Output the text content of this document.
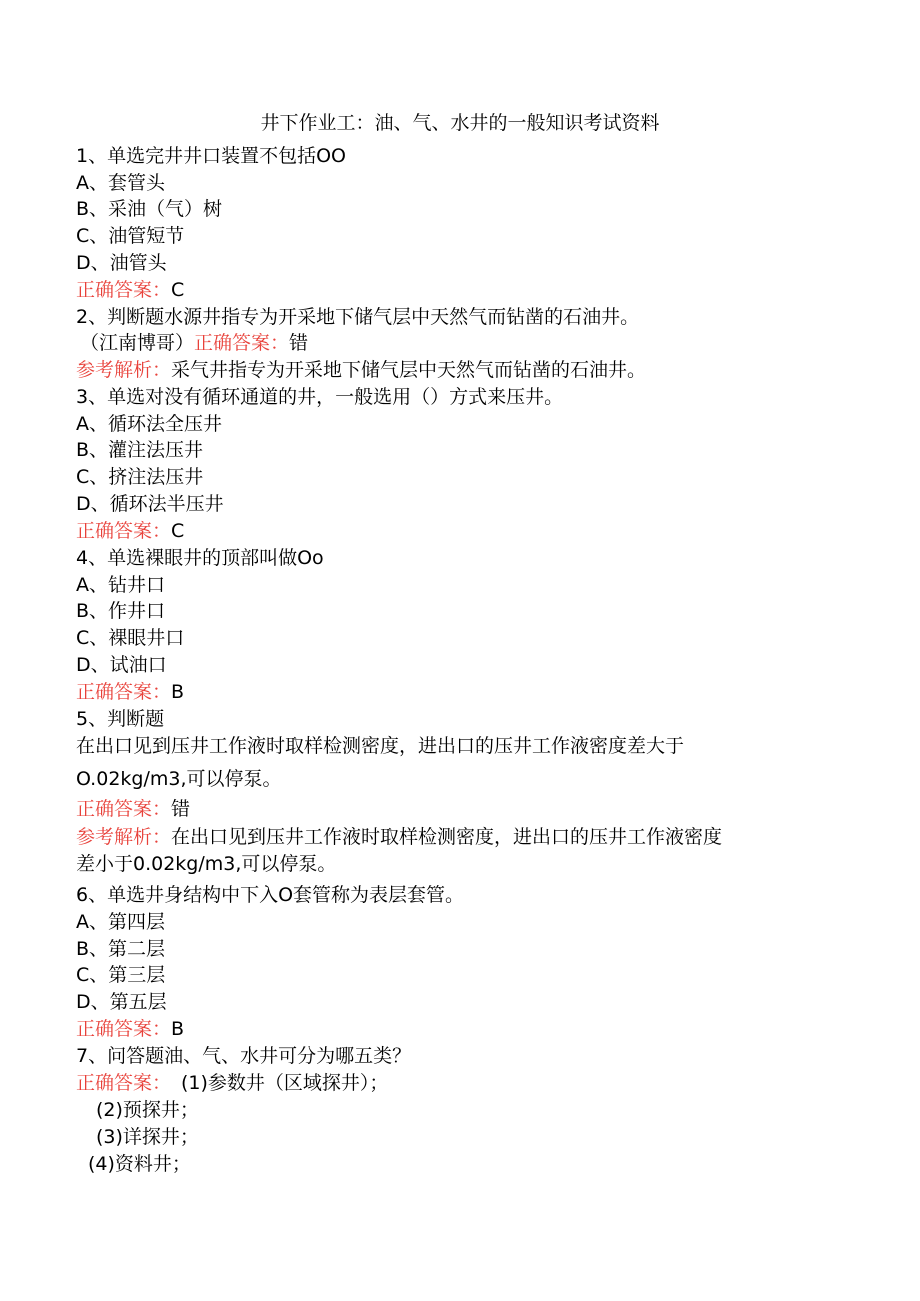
井下作业工：油、气、水井的一般知识考试资料
1、单选完井井口装置不包括OO
A、套管头
B、采油（气）树
C、油管短节
D、油管头
正确答案：C
2、判断题水源井指专为开采地下储气层中天然气而钻凿的石油井。
（江南博哥）正确答案：错
参考解析：采气井指专为开采地下储气层中天然气而钻凿的石油井。
3、单选对没有循环通道的井，一般选用（）方式来压井。
A、循环法全压井
B、灌注法压井
C、挤注法压井
D、循环法半压井
正确答案：C
4、单选裸眼井的顶部叫做Oo
A、钻井口
B、作井口
C、裸眼井口
D、试油口
正确答案：B
5、判断题
在出口见到压井工作液时取样检测密度，进出口的压井工作液密度差大于
O.02kg∕m3,可以停泵。
正确答案：错
参考解析：在出口见到压井工作液时取样检测密度，进出口的压井工作液密度
差小于0.02kg∕m3,可以停泵。
6、单选井身结构中下入O套管称为表层套管。
A、第四层
B、第二层
C、第三层
D、第五层
正确答案：B
7、问答题油、气、水井可分为哪五类？
正确答案： (1)参数井（区域探井）；
(2)预探井；
(3)详探井；
(4)资料井；
